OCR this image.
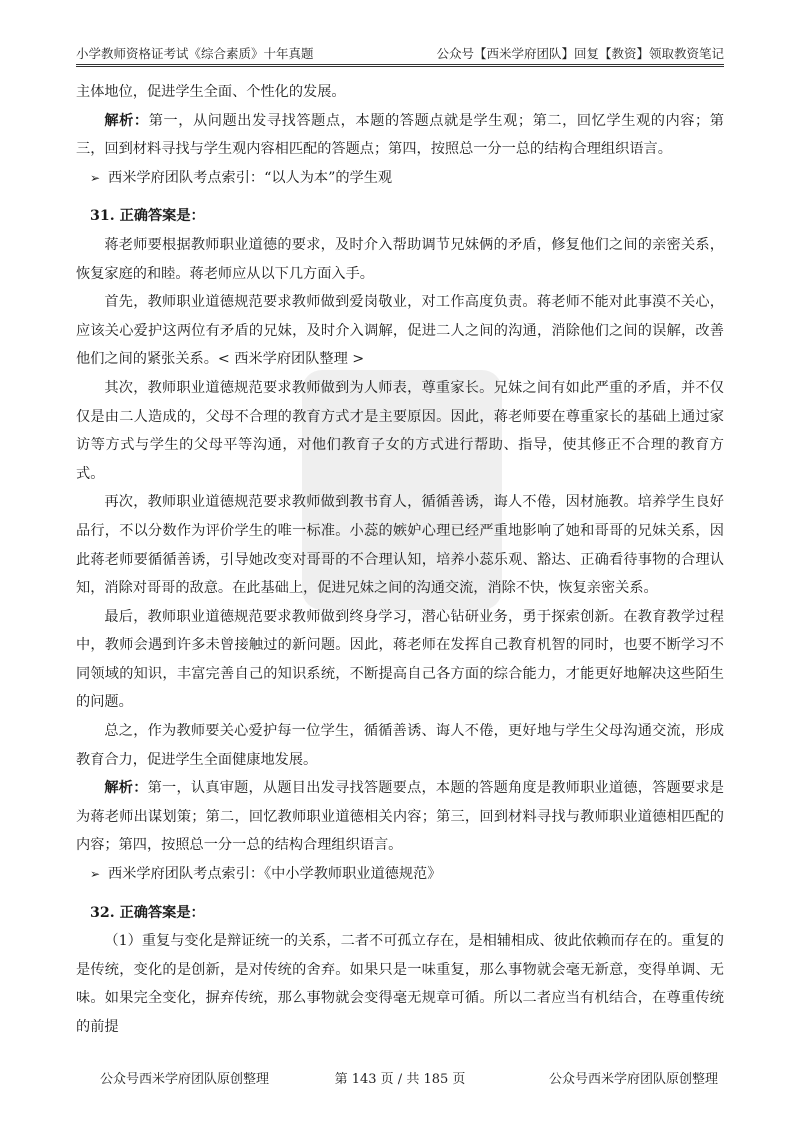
小学教师资格证考试《综合素质》十年真题	公众号【西米学府团队】回复【教资】领取教资笔记

主体地位，促进学生全面、个性化的发展。

解析：第一，从问题出发寻找答题点，本题的答题点就是学生观；第二，回忆学生观的内容；第三，回到材料寻找与学生观内容相匹配的答题点；第四，按照总一分一总的结构合理组织语言。

➢ 西米学府团队考点索引：“以人为本”的学生观

31. 正确答案是：

蒋老师要根据教师职业道德的要求，及时介入帮助调节兄妹俩的矛盾，修复他们之间的亲密关系，恢复家庭的和睦。蒋老师应从以下几方面入手。

首先，教师职业道德规范要求教师做到爱岗敬业，对工作高度负责。蒋老师不能对此事漠不关心，应该关心爱护这两位有矛盾的兄妹，及时介入调解，促进二人之间的沟通，消除他们之间的误解，改善他们之间的紧张关系。< 西米学府团队整理 >

其次，教师职业道德规范要求教师做到为人师表，尊重家长。兄妹之间有如此严重的矛盾，并不仅仅是由二人造成的，父母不合理的教育方式才是主要原因。因此，蒋老师要在尊重家长的基础上通过家访等方式与学生的父母平等沟通，对他们教育子女的方式进行帮助、指导，使其修正不合理的教育方式。

再次，教师职业道德规范要求教师做到教书育人，循循善诱，诲人不倦，因材施教。培养学生良好品行，不以分数作为评价学生的唯一标准。小蕊的嫉妒心理已经严重地影响了她和哥哥的兄妹关系，因此蒋老师要循循善诱，引导她改变对哥哥的不合理认知，培养小蕊乐观、豁达、正确看待事物的合理认知，消除对哥哥的敌意。在此基础上，促进兄妹之间的沟通交流，消除不快，恢复亲密关系。

最后，教师职业道德规范要求教师做到终身学习，潜心钻研业务，勇于探索创新。在教育教学过程中，教师会遇到许多未曾接触过的新问题。因此，蒋老师在发挥自己教育机智的同时，也要不断学习不同领域的知识，丰富完善自己的知识系统，不断提高自己各方面的综合能力，才能更好地解决这些陌生的问题。

总之，作为教师要关心爱护每一位学生，循循善诱、诲人不倦，更好地与学生父母沟通交流，形成教育合力，促进学生全面健康地发展。

解析：第一，认真审题，从题目出发寻找答题要点，本题的答题角度是教师职业道德，答题要求是为蒋老师出谋划策；第二，回忆教师职业道德相关内容；第三，回到材料寻找与教师职业道德相匹配的内容；第四，按照总一分一总的结构合理组织语言。

➢ 西米学府团队考点索引：《中小学教师职业道德规范》

32. 正确答案是：

（1）重复与变化是辩证统一的关系，二者不可孤立存在，是相辅相成、彼此依赖而存在的。重复的是传统，变化的是创新，是对传统的舍弃。如果只是一味重复，那么事物就会毫无新意，变得单调、无味。如果完全变化，摒弃传统，那么事物就会变得毫无规章可循。所以二者应当有机结合，在尊重传统的前提

公众号西米学府团队原创整理	第 143 页 / 共 185 页	公众号西米学府团队原创整理
